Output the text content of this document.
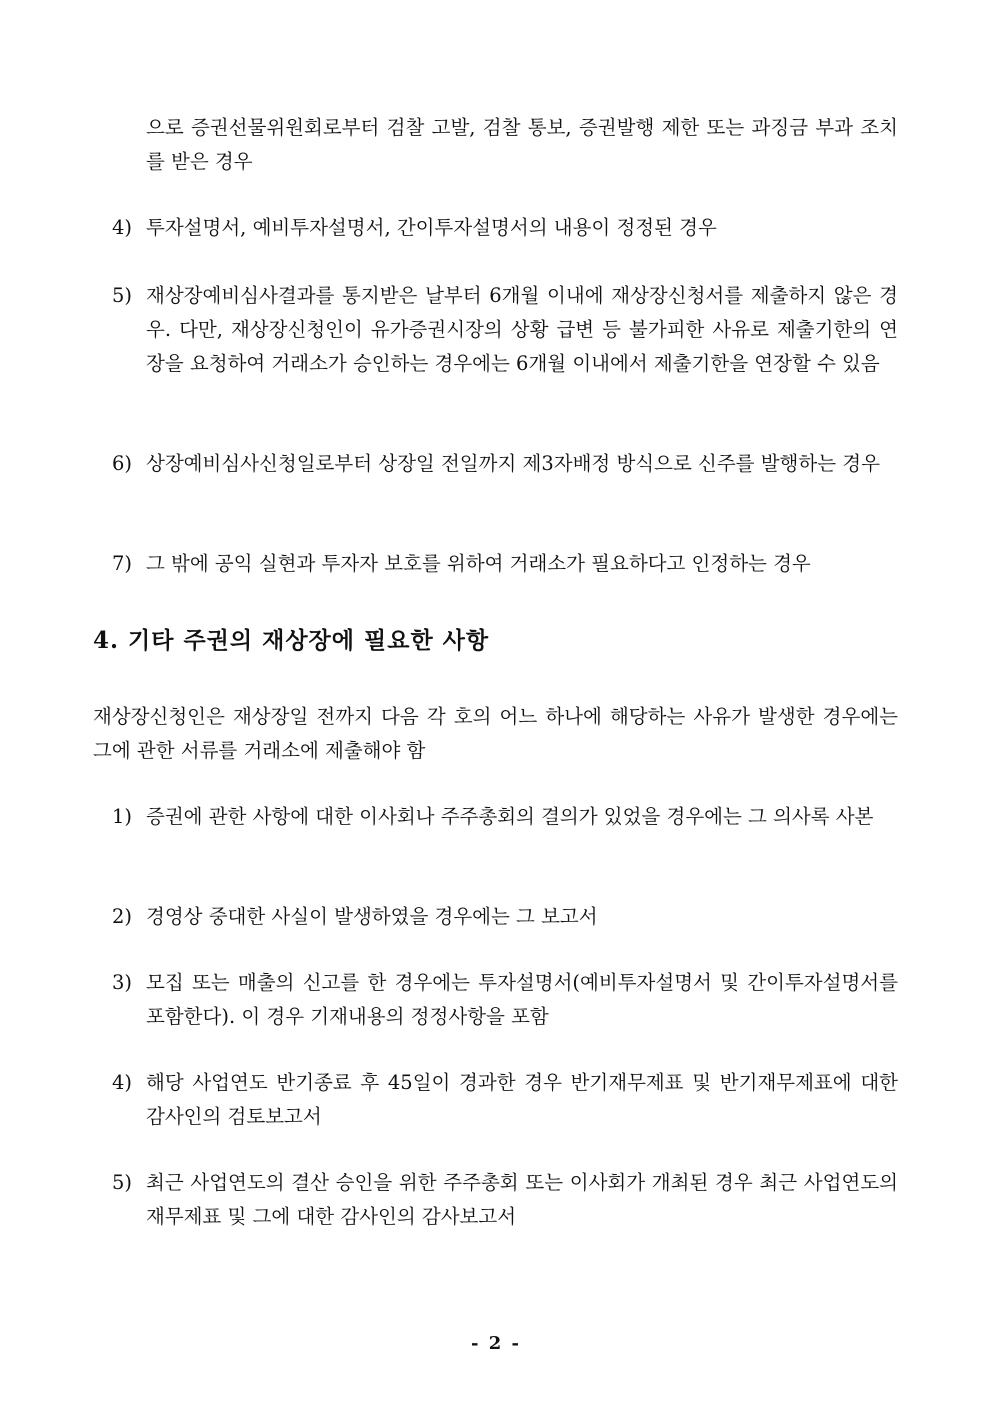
으로 증권선물위원회로부터 검찰 고발, 검찰 통보, 증권발행 제한 또는 과징금 부과 조치를 받은 경우

4) 투자설명서, 예비투자설명서, 간이투자설명서의 내용이 정정된 경우
5) 재상장예비심사결과를 통지받은 날부터 6개월 이내에 재상장신청서를 제출하지 않은 경우. 다만, 재상장신청인이 유가증권시장의 상황 급변 등 불가피한 사유로 제출기한의 연장을 요청하여 거래소가 승인하는 경우에는 6개월 이내에서 제출기한을 연장할 수 있음
6) 상장예비심사신청일로부터 상장일 전일까지 제3자배정 방식으로 신주를 발행하는 경우
7) 그 밖에 공익 실현과 투자자 보호를 위하여 거래소가 필요하다고 인정하는 경우
4. 기타 주권의 재상장에 필요한 사항

재상장신청인은 재상장일 전까지 다음 각 호의 어느 하나에 해당하는 사유가 발생한 경우에는 그에 관한 서류를 거래소에 제출해야 함

1) 증권에 관한 사항에 대한 이사회나 주주총회의 결의가 있었을 경우에는 그 의사록 사본
2) 경영상 중대한 사실이 발생하였을 경우에는 그 보고서
3) 모집 또는 매출의 신고를 한 경우에는 투자설명서(예비투자설명서 및 간이투자설명서를 포함한다). 이 경우 기재내용의 정정사항을 포함
4) 해당 사업연도 반기종료 후 45일이 경과한 경우 반기재무제표 및 반기재무제표에 대한 감사인의 검토보고서
5) 최근 사업연도의 결산 승인을 위한 주주총회 또는 이사회가 개최된 경우 최근 사업연도의 재무제표 및 그에 대한 감사인의 감사보고서
- 2 -
